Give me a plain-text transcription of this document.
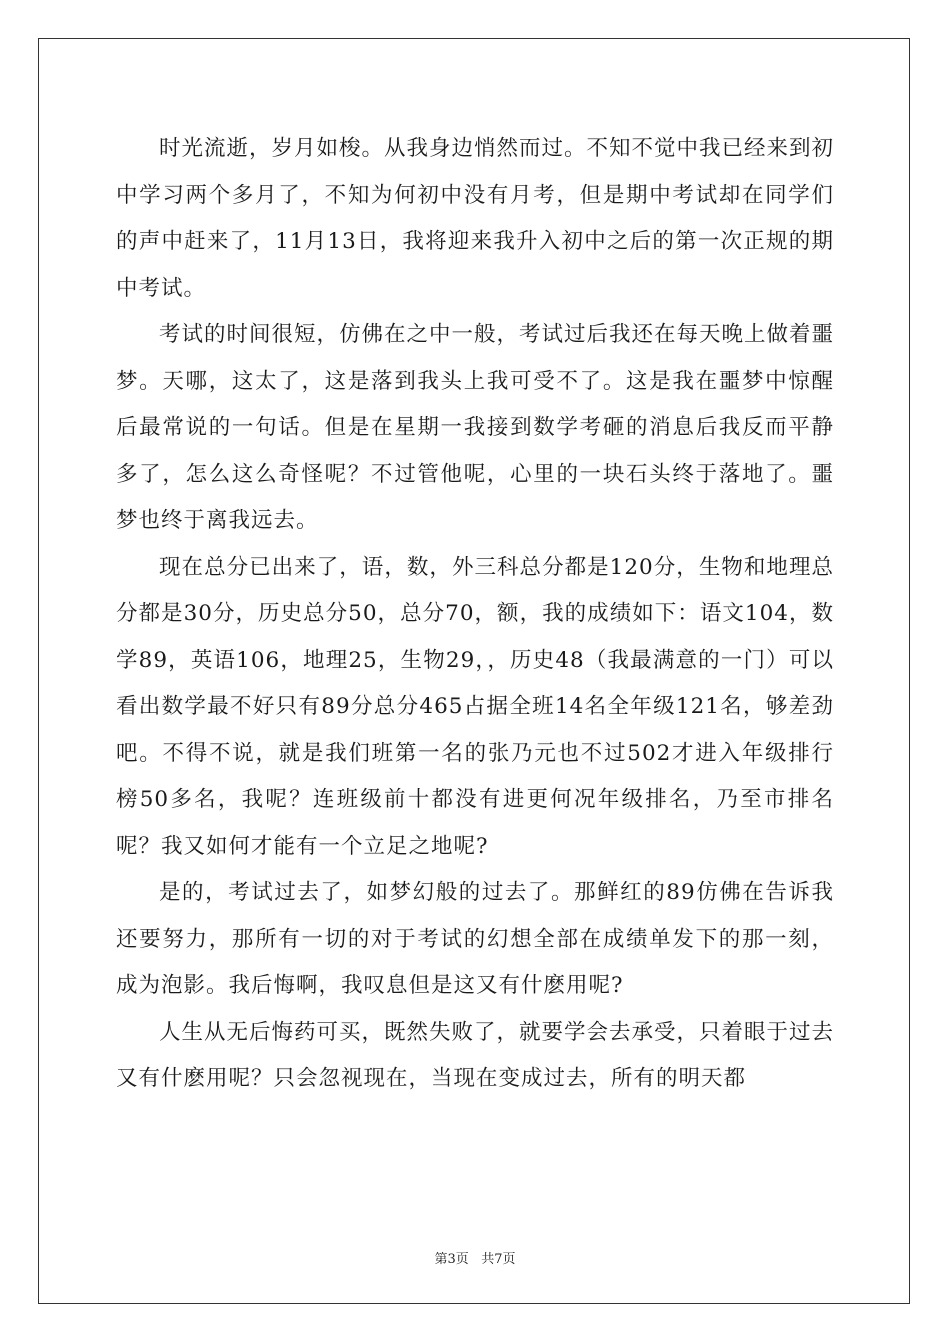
时光流逝，岁月如梭。从我身边悄然而过。不知不觉中我已经来到初中学习两个多月了，不知为何初中没有月考，但是期中考试却在同学们的声中赶来了，11月13日，我将迎来我升入初中之后的第一次正规的期中考试。

考试的时间很短，仿佛在之中一般，考试过后我还在每天晚上做着噩梦。天哪，这太了，这是落到我头上我可受不了。这是我在噩梦中惊醒后最常说的一句话。但是在星期一我接到数学考砸的消息后我反而平静多了，怎么这么奇怪呢？不过管他呢，心里的一块石头终于落地了。噩梦也终于离我远去。

现在总分已出来了，语，数，外三科总分都是120分，生物和地理总分都是30分，历史总分50，总分70，额，我的成绩如下：语文104，数学89，英语106，地理25，生物29，，历史48（我最满意的一门）可以看出数学最不好只有89分总分465占据全班14名全年级121名，够差劲吧。不得不说，就是我们班第一名的张乃元也不过502才进入年级排行榜50多名，我呢？连班级前十都没有进更何况年级排名，乃至市排名呢？我又如何才能有一个立足之地呢?

是的，考试过去了，如梦幻般的过去了。那鲜红的89仿佛在告诉我还要努力，那所有一切的对于考试的幻想全部在成绩单发下的那一刻，成为泡影。我后悔啊，我叹息但是这又有什麽用呢?

人生从无后悔药可买，既然失败了，就要学会去承受，只着眼于过去又有什麽用呢？只会忽视现在，当现在变成过去，所有的明天都

第3页 共7页
